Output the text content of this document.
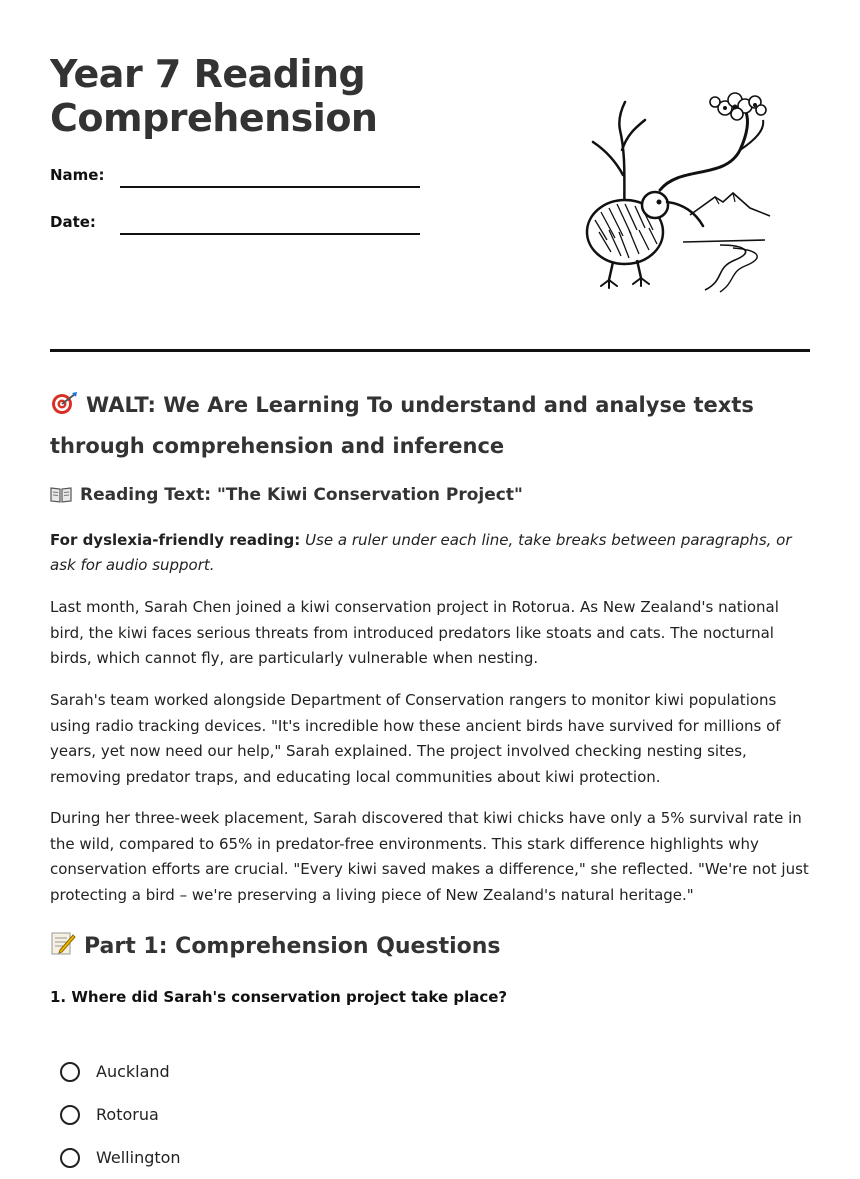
Year 7 Reading
Comprehension
Name:
Date:
WALT: We Are Learning To understand and analyse texts through comprehension and inference
Reading Text: "The Kiwi Conservation Project"

For dyslexia-friendly reading: Use a ruler under each line, take breaks between paragraphs, or ask for audio support.

Last month, Sarah Chen joined a kiwi conservation project in Rotorua. As New Zealand's national bird, the kiwi faces serious threats from introduced predators like stoats and cats. The nocturnal birds, which cannot fly, are particularly vulnerable when nesting.

Sarah's team worked alongside Department of Conservation rangers to monitor kiwi populations using radio tracking devices. "It's incredible how these ancient birds have survived for millions of years, yet now need our help," Sarah explained. The project involved checking nesting sites, removing predator traps, and educating local communities about kiwi protection.

During her three-week placement, Sarah discovered that kiwi chicks have only a 5% survival rate in the wild, compared to 65% in predator-free environments. This stark difference highlights why conservation efforts are crucial. "Every kiwi saved makes a difference," she reflected. "We're not just protecting a bird – we're preserving a living piece of New Zealand's natural heritage."

Part 1: Comprehension Questions

1. Where did Sarah's conservation project take place?

Auckland
Rotorua
Wellington
